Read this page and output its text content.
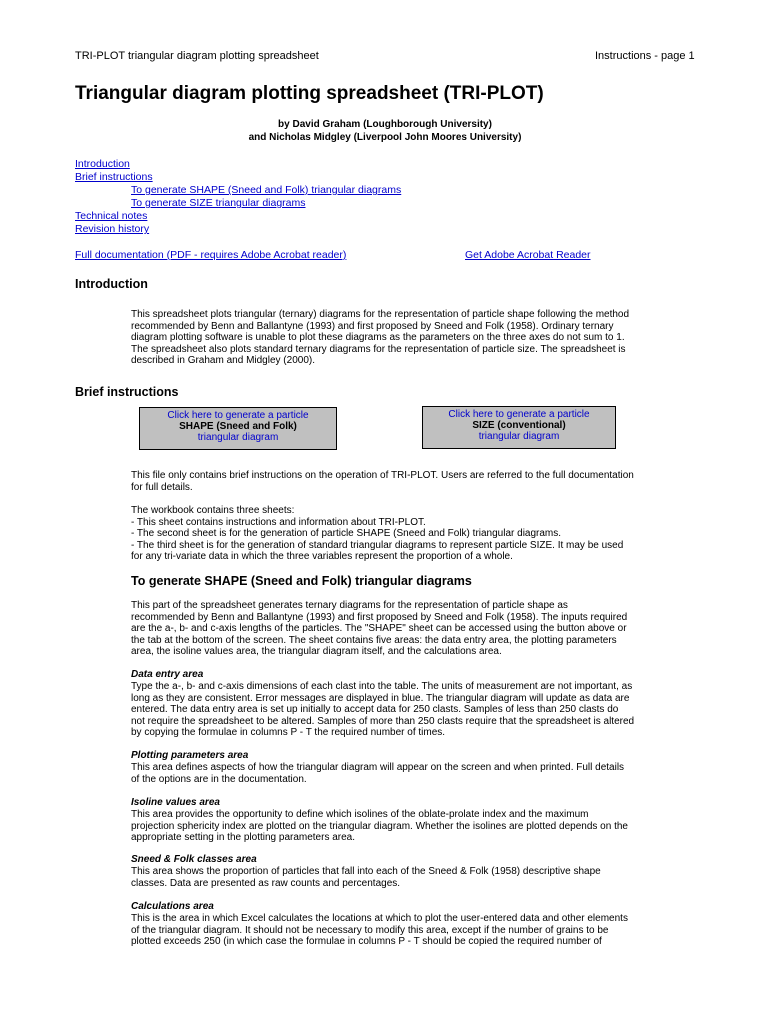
TRI-PLOT triangular diagram plotting spreadsheet	Instructions - page 1
Triangular diagram plotting spreadsheet (TRI-PLOT)
by David Graham (Loughborough University)
and Nicholas Midgley (Liverpool John Moores University)
Introduction
Brief instructions
To generate SHAPE (Sneed and Folk) triangular diagrams
To generate SIZE triangular diagrams
Technical notes
Revision history
Full documentation (PDF - requires Adobe Acrobat reader)	Get Adobe Acrobat Reader
Introduction
This spreadsheet plots triangular (ternary) diagrams for the representation of particle shape following the method
recommended by Benn and Ballantyne (1993) and first proposed by Sneed and Folk (1958). Ordinary ternary
diagram plotting software is unable to plot these diagrams as the parameters on the three axes do not sum to 1.
The spreadsheet also plots standard ternary diagrams for the representation of particle size. The spreadsheet is
described in Graham and Midgley (2000).
Brief instructions
Click here to generate a particle
SHAPE (Sneed and Folk)
triangular diagram
Click here to generate a particle
SIZE (conventional)
triangular diagram
This file only contains brief instructions on the operation of TRI-PLOT. Users are referred to the full documentation
for full details.
The workbook contains three sheets:
- This sheet contains instructions and information about TRI-PLOT.
- The second sheet is for the generation of particle SHAPE (Sneed and Folk) triangular diagrams.
- The third sheet is for the generation of standard triangular diagrams to represent particle SIZE. It may be used
for any tri-variate data in which the three variables represent the proportion of a whole.
To generate SHAPE (Sneed and Folk) triangular diagrams
This part of the spreadsheet generates ternary diagrams for the representation of particle shape as
recommended by Benn and Ballantyne (1993) and first proposed by Sneed and Folk (1958). The inputs required
are the a-, b- and c-axis lengths of the particles. The "SHAPE" sheet can be accessed using the button above or
the tab at the bottom of the screen. The sheet contains five areas: the data entry area, the plotting parameters
area, the isoline values area, the triangular diagram itself, and the calculations area.
Data entry area
Type the a-, b- and c-axis dimensions of each clast into the table. The units of measurement are not important, as
long as they are consistent. Error messages are displayed in blue. The triangular diagram will update as data are
entered. The data entry area is set up initially to accept data for 250 clasts. Samples of less than 250 clasts do
not require the spreadsheet to be altered. Samples of more than 250 clasts require that the spreadsheet is altered
by copying the formulae in columns P - T the required number of times.
Plotting parameters area
This area defines aspects of how the triangular diagram will appear on the screen and when printed. Full details
of the options are in the documentation.
Isoline values area
This area provides the opportunity to define which isolines of the oblate-prolate index and the maximum
projection sphericity index are plotted on the triangular diagram. Whether the isolines are plotted depends on the
appropriate setting in the plotting parameters area.
Sneed & Folk classes area
This area shows the proportion of particles that fall into each of the Sneed & Folk (1958) descriptive shape
classes. Data are presented as raw counts and percentages.
Calculations area
This is the area in which Excel calculates the locations at which to plot the user-entered data and other elements
of the triangular diagram. It should not be necessary to modify this area, except if the number of grains to be
plotted exceeds 250 (in which case the formulae in columns P - T should be copied the required number of
